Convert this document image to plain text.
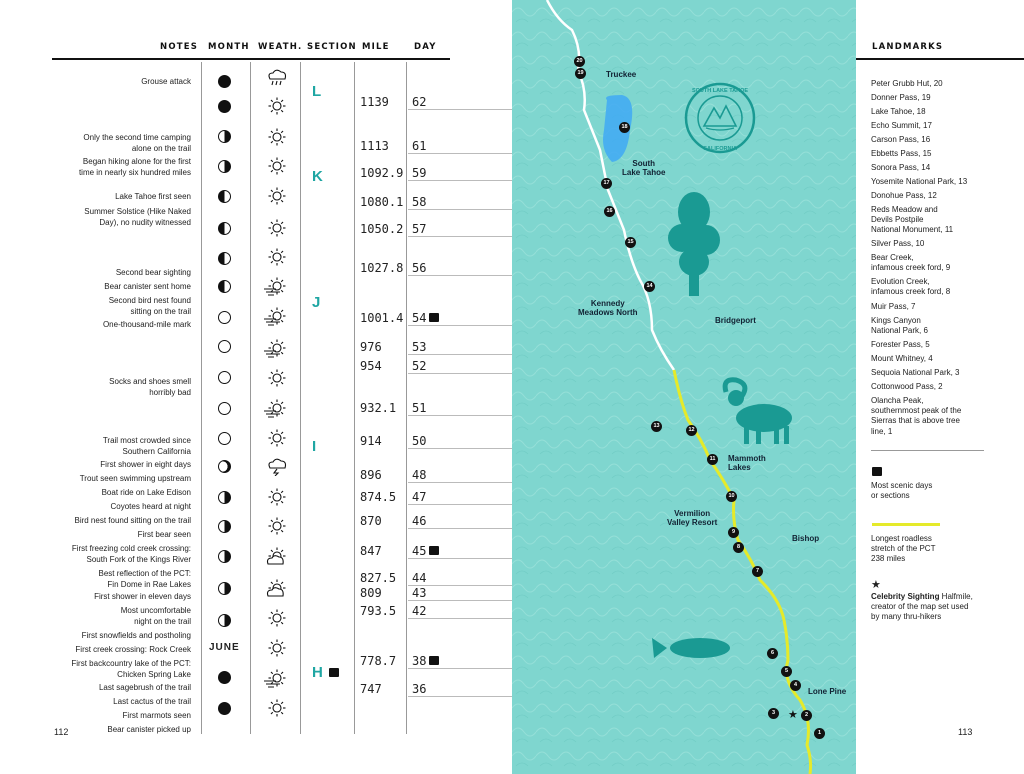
NOTES MONTH WEATH. SECTION MILE	DAY
Grouse attack
Only the second time camping
alone on the trail
Began hiking alone for the first
time in nearly six hundred miles
Lake Tahoe first seen
Summer Solstice (Hike Naked
Day), no nudity witnessed
Second bear sighting
Bear canister sent home
Second bird nest found
sitting on the trail
One-thousand-mile mark
Socks and shoes smell
horribly bad
Trail most crowded since
Southern California
First shower in eight days
Trout seen swimming upstream
Boat ride on Lake Edison
Coyotes heard at night
Bird nest found sitting on the trail
First bear seen
First freezing cold creek crossing:
South Fork of the Kings River
Best reflection of the PCT:
Fin Dome in Rae Lakes
First shower in eleven days
Most uncomfortable
night on the trail
First snowfields and postholing
First creek crossing: Rock Creek
First backcountry lake of the PCT:
Chicken Spring Lake
Last sagebrush of the trail
Last cactus of the trail
First marmots seen
Bear canister picked up
JUNE
L
K
J
I
H
1139
1113
1092.9
1080.1
1050.2
1027.8
1001.4
976
954
932.1
914
896
874.5
870
847
827.5
809
793.5
778.7
747
62
61
59
58
57
56
54
53
52
51
50
48
47
46
45
44
43
42
38
36
112
SOUTH LAKE TAHOE
CALIFORNIA
★
20
19
18
17
16
15
14
13
12
11
10
9
8
7
6
5
4
3	2
1
Truckee
South
Lake Tahoe
Kennedy
Meadows North
Bridgeport
Mammoth
Lakes
Vermilion
Valley Resort
Bishop
Lone Pine
LANDMARKS
Peter Grubb Hut, 20
Donner Pass, 19
Lake Tahoe, 18
Echo Summit, 17
Carson Pass, 16
Ebbetts Pass, 15
Sonora Pass, 14
Yosemite National Park, 13
Donohue Pass, 12
Reds Meadow and
Devils Postpile
National Monument, 11
Silver Pass, 10
Bear Creek,
infamous creek ford, 9
Evolution Creek,
infamous creek ford, 8
Muir Pass, 7
Kings Canyon
National Park, 6
Forester Pass, 5
Mount Whitney, 4
Sequoia National Park, 3
Cottonwood Pass, 2
Olancha Peak,
southernmost peak of the
Sierras that is above tree
line, 1
Most scenic days
or sections
Longest roadless
stretch of the PCT
238 miles
★
Celebrity Sighting Halfmile,
creator of the map set used
by many thru-hikers
113
